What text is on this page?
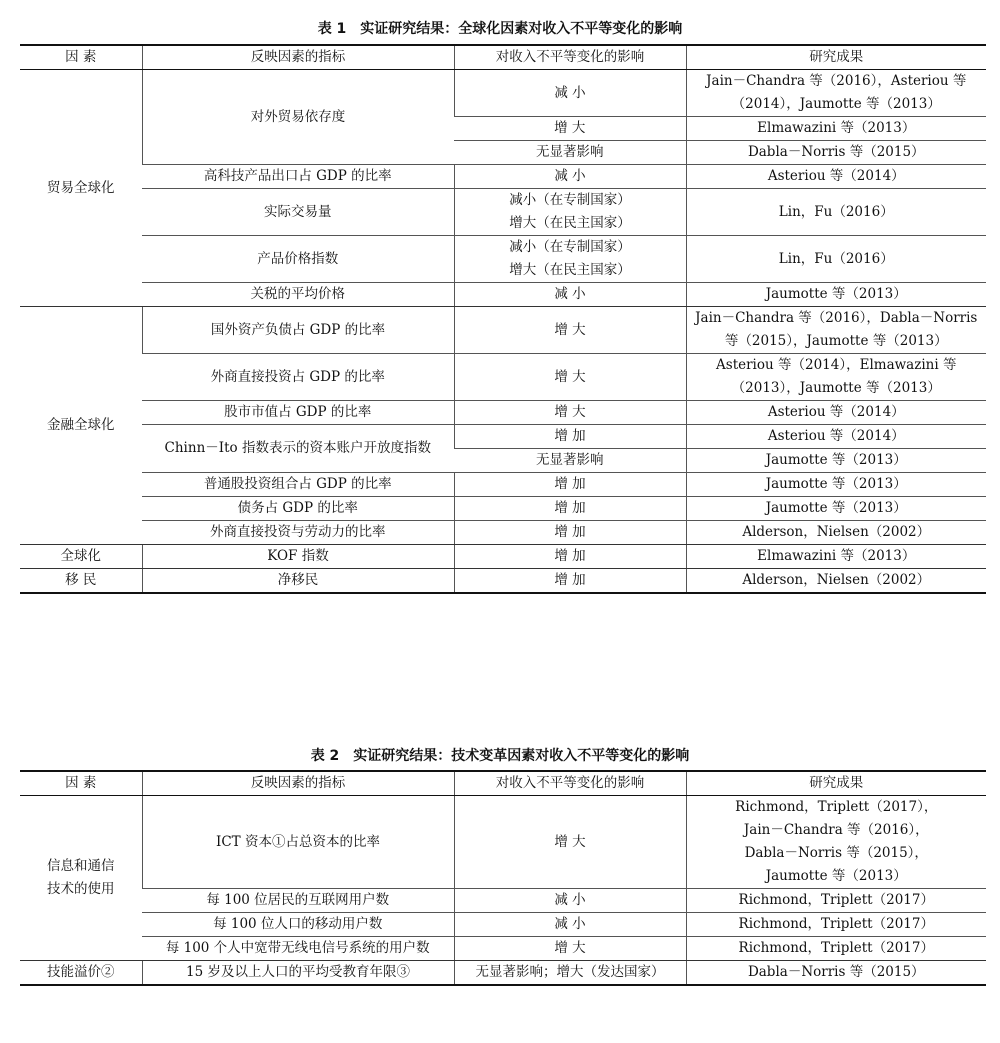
表 1　实证研究结果：全球化因素对收入不平等变化的影响
因 素	反映因素的指标	对收入不平等变化的影响	研究成果
贸易全球化	对外贸易依存度	减 小	Jain－Chandra 等（2016），Asteriou 等
（2014），Jaumotte 等（2013）

		增 大	Elmawazini 等（2013）
		无显著影响	Dabla－Norris 等（2015）
	高科技产品出口占 GDP 的比率	减 小	Asteriou 等（2014）
	实际交易量	减小（在专制国家）
增大（在民主国家）	Lin，Fu（2016）
	产品价格指数	减小（在专制国家）
增大（在民主国家）	Lin，Fu（2016）
	关税的平均价格	减 小	Jaumotte 等（2013）
金融全球化	国外资产负债占 GDP 的比率	增 大	Jain－Chandra 等（2016），Dabla－Norris
等（2015），Jaumotte 等（2013）

	外商直接投资占 GDP 的比率	增 大	Asteriou 等（2014），Elmawazini 等
（2013），Jaumotte 等（2013）

	股市市值占 GDP 的比率	增 大	Asteriou 等（2014）
	Chinn－Ito 指数表示的资本账户开放度指数	增 加	Asteriou 等（2014）
		无显著影响	Jaumotte 等（2013）
	普通股投资组合占 GDP 的比率	增 加	Jaumotte 等（2013）
	债务占 GDP 的比率	增 加	Jaumotte 等（2013）
	外商直接投资与劳动力的比率	增 加	Alderson，Nielsen（2002）
全球化	KOF 指数	增 加	Elmawazini 等（2013）
移 民	净移民	增 加	Alderson，Nielsen（2002）
表 2　实证研究结果：技术变革因素对收入不平等变化的影响
因 素	反映因素的指标	对收入不平等变化的影响	研究成果

信息和通信
技术的使用	ICT 资本①占总资本的比率	增 大	Richmond，Triplett（2017），
Jain－Chandra 等（2016），
Dabla－Norris 等（2015），
Jaumotte 等（2013）

	每 100 位居民的互联网用户数	减 小	Richmond，Triplett（2017）
	每 100 位人口的移动用户数	减 小	Richmond，Triplett（2017）
	每 100 个人中宽带无线电信号系统的用户数	增 大	Richmond，Triplett（2017）
技能溢价②	15 岁及以上人口的平均受教育年限③	无显著影响；增大（发达国家）	Dabla－Norris 等（2015）
